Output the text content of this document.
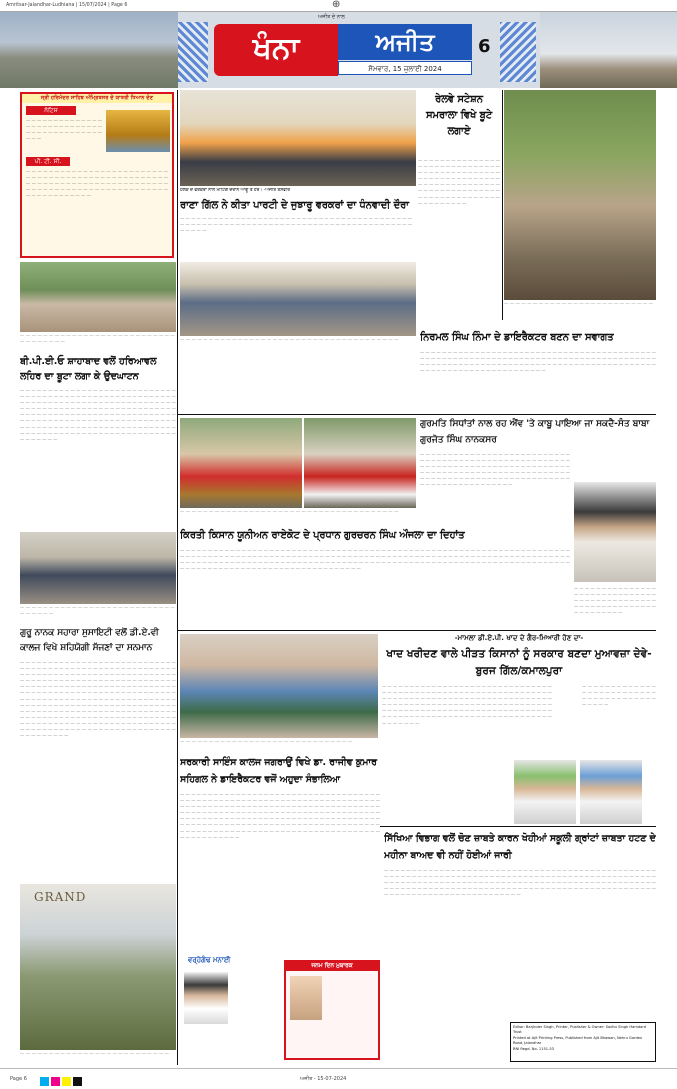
Amritsar-Jalandhar-Ludhiana | 15/07/2024 | Page 6	⊕
ਅਜੀਤ ਦੇ ਨਾਲ
ਖੰਨਾ	ਅਜੀਤ
ਸੋਮਵਾਰ, 15 ਜੁਲਾਈ 2024
6
ਸ੍ਰੀ ਹਰਿਮੰਦਰ ਸਾਹਿਬ ਅੰਮ੍ਰਿਤਸਰ ਦੇ ਯਾਤਰੀ ਧਿਆਨ ਦੇਣ
ਨੋਟਿਸ
— — — — — — — — — — — — — — — — — — — — — — — — — — — — — — — — — — — — — — — — — — — — —
ਪੀ. ਟੀ. ਸੀ.
— — — — — — — — — — — — — — — — — — — — — — — — — — — — — — — — — — — — — — — — — — — — — — — — — — — — — — — — — — — — — — — — — — — — — — — — — — — — — — — — — — — — — — — — — — — — — — — — — — — — — — — — — — — — — — — —
— — — — — — — — — — — — — — — — — — — — — — — — — — — — — — — — — — —
ਬੀ.ਪੀ.ਈ.ਓ ਸ਼ਾਹਾਬਾਦ ਵਲੋਂ ਹਰਿਆਵਲ ਲਹਿਰ ਦਾ ਬੂਟਾ ਲਗਾ ਕੇ ਉਦਘਾਟਨ
— — — — — — — — — — — — — — — — — — — — — — — — — — — — — — — — — — — — — — — — — — — — — — — — — — — — — — — — — — — — — — — — — — — — — — — — — — — — — — — — — — — — — — — — — — — — — — — — — — — — — — — — — — — — — — — — — — — — — — — — — — — — — — — — — — — — — — — — — — — — — — — — — — — — — — — — — — — — — — — — — — — — — — — — — — — — — — — — — — — — — — — — — — — — — — — — — — — — — — — — — — — — — — — — — — — — — — — — — — — — — — — — — — — — — — —
— — — — — — — — — — — — — — — — — — — — — — — — — — — — — — — — —
ਗੁਰੂ ਨਾਨਕ ਸਹਾਰਾ ਸੁਸਾਇਟੀ ਵਲੋਂ ਡੀ.ਏ.ਵੀ ਕਾਲਜ ਵਿਖੇ ਸ਼ਹਿਯੋਗੀ ਸੱਜਣਾਂ ਦਾ ਸਨਮਾਨ
— — — — — — — — — — — — — — — — — — — — — — — — — — — — — — — — — — — — — — — — — — — — — — — — — — — — — — — — — — — — — — — — — — — — — — — — — — — — — — — — — — — — — — — — — — — — — — — — — — — — — — — — — — — — — — — — — — — — — — — — — — — — — — — — — — — — — — — — — — — — — — — — — — — — — — — — — — — — — — — — — — — — — — — — — — — — — — — — — — — — — — — — — — — — — — — — — — — — — — — — — — — — — — — — — — — — — — — — — — — — — — — — — — — — — — — — — — — — — — — — — — — — — — — — — — — — — — — — — — — — — — — — — — — — — — — — — — — — — — — — — — — — — — — — — — — — — — — — — — — — — — — — — — — — — — — — — — — — — — — — — — — — — — — — — — — — — — — — — — — — — — — — —
GRAND
— — — — — — — — — — — — — — — — — — — — — — — — — —
ਹਲਕੇ ਦੇ ਵਰਕਰਾਂ ਨਾਲ ਮੀਟਿੰਗ ਦੌਰਾਨ ਆਗੂ ਤੇ ਹੋਰ। -ਅਜੀਤ ਤਸਵੀਰ
ਰਾਣਾ ਗਿੱਲ ਨੇ ਕੀਤਾ ਪਾਰਟੀ ਦੇ ਜੁਝਾਰੂ ਵਰਕਰਾਂ ਦਾ ਧੰਨਵਾਦੀ ਦੌਰਾ
— — — — — — — — — — — — — — — — — — — — — — — — — — — — — — — — — — — — — — — — — — — — — — — — — — — — — — — — — — — — — — — — — — — — — — — — — — — — — — — — — — — — — — — — —
ਰੇਲਵੇ ਸਟੇਸ਼ਨ ਸਮਰਾਲਾ ਵਿਖੇ ਬੂਟੇ ਲਗਾਏ
— — — — — — — — — — — — — — — — — — — — — — — — — — — — — — — — — — — — — — — — — — — — — — — — — — — — — — — — — — — — — — — — — — — — — — — — — — — — — — — — — — — — — — — — — — — — — — — — — — — — — — — — — — — — — — — — — —
— — — — — — — — — — — — — — — — — — — — — — — — — —
— — — — — — — — — — — — — — — — — — — — — — — — — — — — — — — — — — — — — —	ਨਿਰਮਲ ਸਿੰਘ ਨਿੰਮਾ ਦੇ ਡਾਇਰੈਕਟਰ ਬਣਨ ਦਾ ਸਵਾਗਤ
— — — — — — — — — — — — — — — — — — — — — — — — — — — — — — — — — — — — — — — — — — — — — — — — — — — — — — — — — — — — — — — — — — — — — — — — — — — — — — — — — — — — — — — — — — — — — — — — — — — — — — — — — — — — — — — — — — — — — — — — — — — — — — — — — — — — — — — — — — — — — — — — — — — — — — — —
ਗੁਰਮਤਿ ਸਿਧਾਂਤਾਂ ਨਾਲ ਰਹ ਐਂਵ 'ਤੇ ਕਾਬੂ ਪਾਇਆ ਜਾ ਸਕਦੈ-ਸੰਤ ਬਾਬਾ ਗੁਰਜੋਤ ਸਿੰਘ ਨਾਨਕਸਰ
— — — — — — — — — — — — — — — — — — — — — — — — — — — — — — — — — — — — — — — — — — — — — — — — — — — — — — — — — — — — — — — — — — — — — — — — — — — — — — — — — — — — — — — — — — — — — — — — — — — — — — — — — — — — — — — — — — — — — — — — — — — — — — — — — — — — — — — — — — — — — — — — — — — — — — — —
— — — — — — — — — — — — — — — — — — — — — — — — — — — — — — — — — — — — — —
ਕਿਰਤੀ ਕਿਸਾਨ ਯੂਨੀਅਨ ਰਾਏਕੋਟ ਦੇ ਪ੍ਰਧਾਨ ਗੁਰਚਰਨ ਸਿੰਘ ਔਜਲਾ ਦਾ ਦਿਹਾਂਤ
— — — — — — — — — — — — — — — — — — — — — — — — — — — — — — — — — — — — — — — — — — — — — — — — — — — — — — — — — — — — — — — — — — — — — — — — — — — — — — — — — — — — — — — — — — — — — — — — — — — — — — — — — — — — — — — — — — — — — — — — — — — — — — — — — — — — — — — — — — — — — — — — — — — — — — — — — — — — — — — — — — — — — — — — — — — — — — — — — — — — — — — — — — — — — — — — — — — — — — — — — — — — — — — — — — — — — — — — — — — — — — — — — — — — — — — — — — — — — — — — — — —
— — — — — — — — — — — — — — — — — — — — — — — — — — — — — — — — — — — — — — — — — — — — — — — — — — — — — — — — — — — — — — — — — — — — —
-ਮਾਮਲਾ ਡੀ.ਏ.ਪੀ. ਖਾਦ ਦੇ ਗੈਰ-ਮਿਆਰੀ ਹੋਣ ਦਾ-
ਖਾਦ ਖਰੀਦਣ ਵਾਲੇ ਪੀੜਤ ਕਿਸਾਨਾਂ ਨੂੰ ਸਰਕਾਰ ਬਣਦਾ ਮੁਆਵਜ਼ਾ ਦੇਵੇ-ਬੁਰਜ ਗਿੱਲ/ਕਮਾਲਪੁਰਾ
— — — — — — — — — — — — — — — — — — — — — — — — — — — — — — — — — — — — — — — — — — — — — — — — — — — — — — — — — — — — — — — — — — — — — — — — — — — — — — — — — — — — — — — — — — — — — — — — — — — — — — — — — — — — — — — — — — — — — — — — — — — — — — — — — — — — — — — — — — — — — — — — — — — — — — — — — — — — — — — — — — — — — — — — — — — — — — — — — — — — — — — — — — — — — — — — —
— — — — — — — — — — — — — — — — — — — — — — — — — — — — — — — — — — — — — — — — — — — —
— — — — — — — — — — — — — — — — — — — — — — — — — — — — — —
ਸਰਕਾਰੀ ਸਾਇੰਸ ਕਾਲਜ ਜਗਰਾਉਂ ਵਿਖੇ ਡਾ. ਰਾਜੀਵ ਕੁਮਾਰ ਸਹਿਗਲ ਨੇ ਡਾਇਰੈਕਟਰ ਵਜੋਂ ਅਹੁਦਾ ਸੰਭਾਲਿਆ
— — — — — — — — — — — — — — — — — — — — — — — — — — — — — — — — — — — — — — — — — — — — — — — — — — — — — — — — — — — — — — — — — — — — — — — — — — — — — — — — — — — — — — — — — — — — — — — — — — — — — — — — — — — — — — — — — — — — — — — — — — — — — — — — — — — — — — — — — — — — — — — — — — — — — — — — — — — — — — — — — — — — — — — — — — — — — — — — — — — — — — — — — — — — — — — — — — — — — — — — — — — — — — — — — — — — — — — — — — — — — — — — — — — — — — — — — — — — — — — — — — — — — — — — — — — — — — — — — — — — — — —
ਵਰ੍ਹੇਗੰਢ ਮਨਾਈ
ਜਨਮ ਦਿਨ ਮੁਬਾਰਕ
ਸਿੱਖਿਆ ਵਿਭਾਗ ਵਲੋਂ ਚੋਣ ਜ਼ਾਬਤੇ ਕਾਰਨ ਖੋਹੀਆਂ ਸਕੂਲੀ ਗ੍ਰਾਂਟਾਂ ਜ਼ਾਬਤਾ ਹਟਣ ਦੇ ਮਹੀਨਾ ਬਾਅਦ ਵੀ ਨਹੀਂ ਹੋਈਆਂ ਜਾਰੀ
— — — — — — — — — — — — — — — — — — — — — — — — — — — — — — — — — — — — — — — — — — — — — — — — — — — — — — — — — — — — — — — — — — — — — — — — — — — — — — — — — — — — — — — — — — — — — — — — — — — — — — — — — — — — — — — — — — — — — — — — — — — — — — — — — — — — — — — — — — — — — — — — — — — — — — — — — — — — — — — — — — — — — — — — — — — — — — — — — — — — — — — — — — — — — — — — — — — — — — — — — — — — — — — — — — — — — — — — — — — — —
Editor: Barjinder Singh, Printer, Publisher & Owner: Sadhu Singh Hamdard Trust
Printed at Ajit Printing Press, Published from Ajit Bhawan, Nehru Garden Road, Jalandhar
RNI Regd. No. 1151-53
Page 6	ਅਜੀਤ - 15-07-2024
